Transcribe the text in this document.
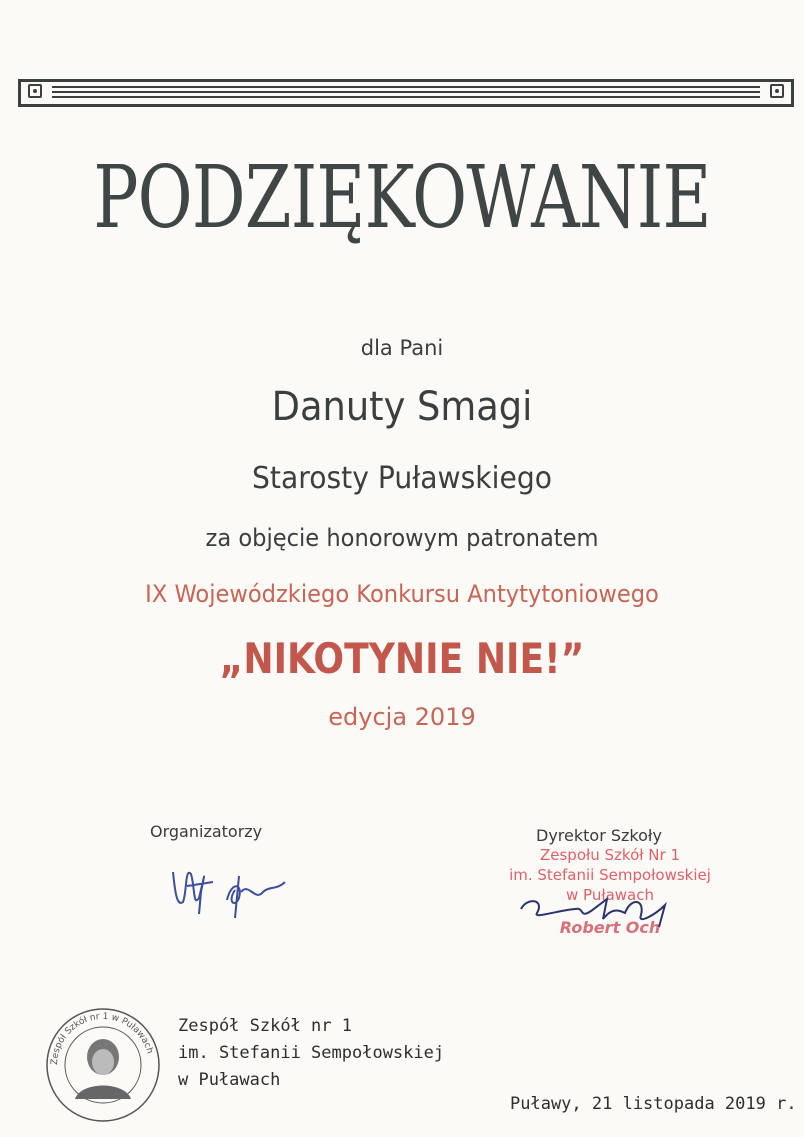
PODZIĘKOWANIE
dla Pani
Danuty Smagi
Starosty Puławskiego
za objęcie honorowym patronatem
IX Wojewódzkiego Konkursu Antytytoniowego
„NIKOTYNIE NIE!”
edycja 2019
Organizatorzy	Dyrektor Szkoły
Zespołu Szkół Nr 1
im. Stefanii Sempołowskiej
w Puławach
Robert Och
Zespół Szkół nr 1 w Puławach
Zespół Szkół nr 1
im. Stefanii Sempołowskiej
w Puławach
Puławy, 21 listopada 2019 r.
